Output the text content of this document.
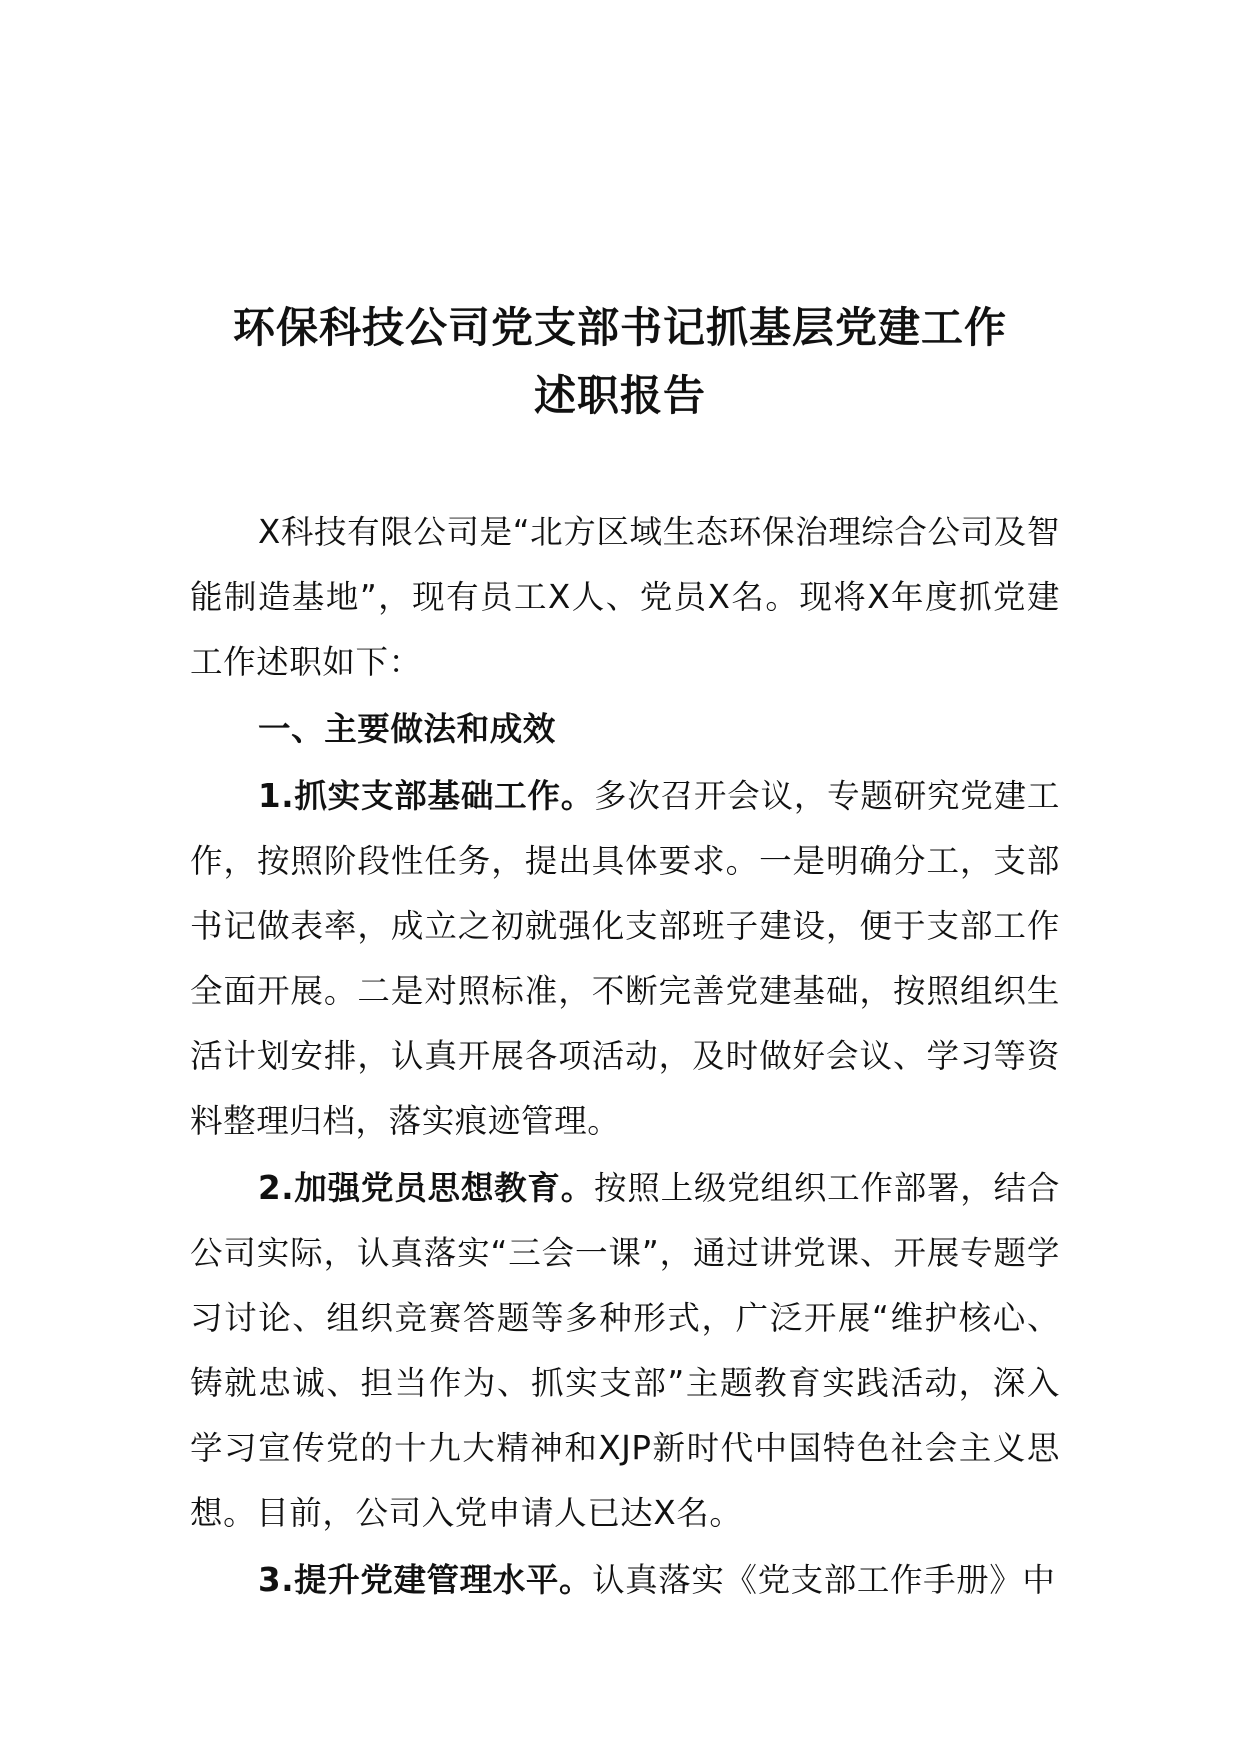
环保科技公司党支部书记抓基层党建工作
述职报告

X科技有限公司是“北方区域生态环保治理综合公司及智能制造基地”，现有员工X人、党员X名。现将X年度抓党建工作述职如下：

一、主要做法和成效

1.抓实支部基础工作。多次召开会议，专题研究党建工作，按照阶段性任务，提出具体要求。一是明确分工，支部书记做表率，成立之初就强化支部班子建设，便于支部工作全面开展。二是对照标准，不断完善党建基础，按照组织生活计划安排，认真开展各项活动，及时做好会议、学习等资料整理归档，落实痕迹管理。

2.加强党员思想教育。按照上级党组织工作部署，结合公司实际，认真落实“三会一课”，通过讲党课、开展专题学习讨论、组织竞赛答题等多种形式，广泛开展“维护核心、铸就忠诚、担当作为、抓实支部”主题教育实践活动，深入学习宣传党的十九大精神和XJP新时代中国特色社会主义思想。目前，公司入党申请人已达X名。

3.提升党建管理水平。认真落实《党支部工作手册》中
